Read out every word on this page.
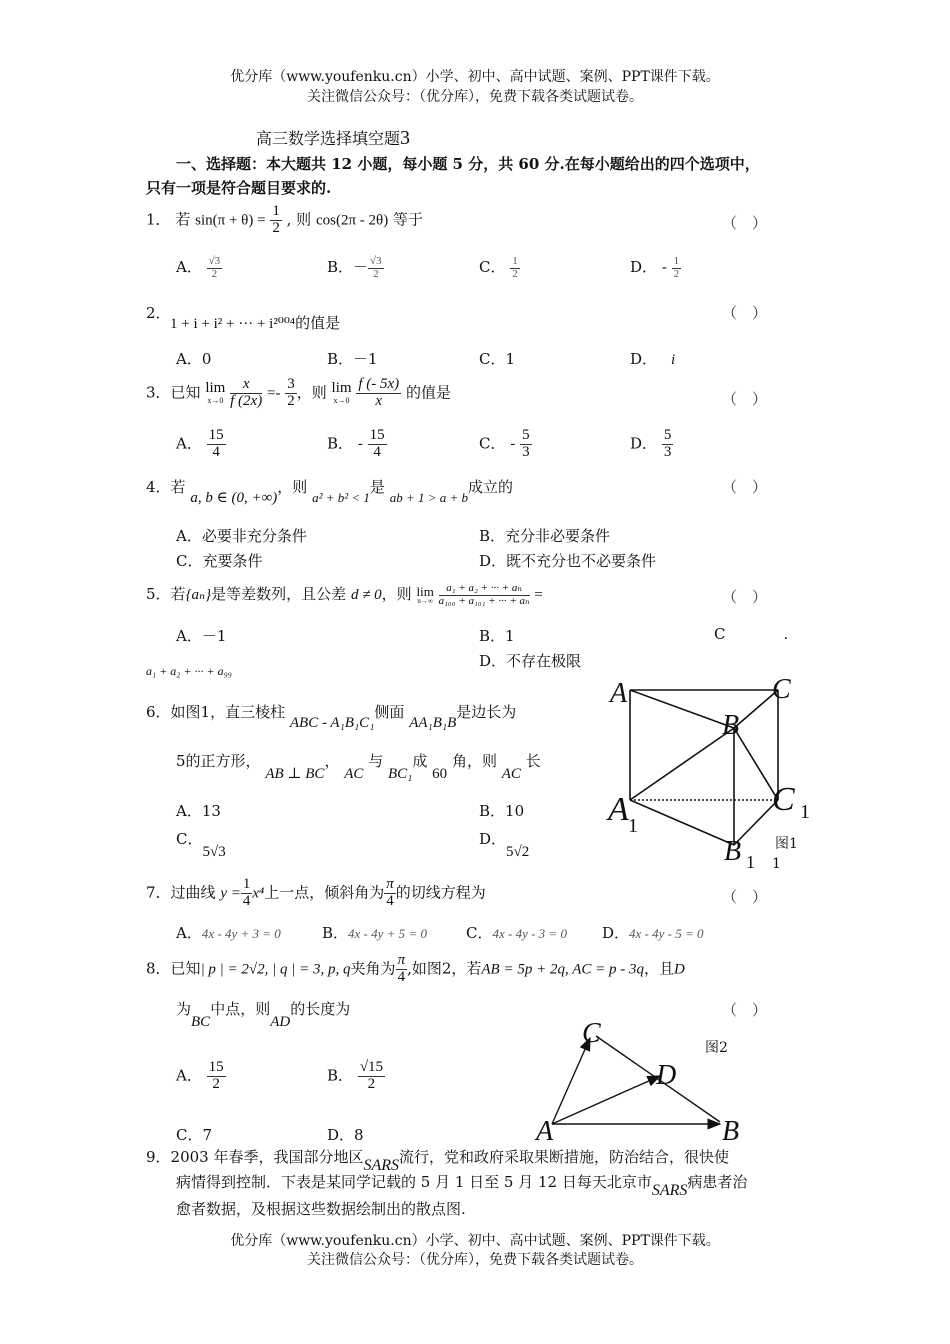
优分库（www.youfenku.cn）小学、初中、高中试题、案例、PPT课件下载。
关注微信公众号：（优分库），免费下载各类试题试卷。
高三数学选择填空题3
一、选择题：本大题共 12 小题，每小题 5 分，共 60 分.在每小题给出的四个选项中，
只有一项是符合题目要求的.
1． 若 $\sin(\pi + \theta) = \frac{1}{2}$ , 则 cos(2π - 2θ) 等于	（　）
A． $\frac{√3}{2}$	B．－ $\frac{√3}{2}$	C． $\frac{1}{2}$	D． - $\frac{1}{2}$
2．
1 + i + i² + ··· + i²⁰⁰⁴的值是
（　）
A．0	B．－1	C．1	D． i
3．已知 lim
x→0
$\frac{x}{f (2x)} =- \frac{3}{2}$ ，则 lim
x→0
$\frac{f (- 5x)}{x}$ 的值是	（　）
A． $\frac{15}{4}$	B． - $\frac{15}{4}$	C． - $\frac{5}{3}$	D． $\frac{5}{3}$
4．若 a, b ∈ (0, +∞)，则 a² + b² < 1是 ab + 1 > a + b成立的	（　）
A．必要非充分条件	B．充分非必要条件
C．充要条件	D．既不充分也不必要条件
5．若{aₙ}是等差数列，且公差 d ≠ 0，则 lim
n→∞
$\frac{\text{a₁ + a₂ + ··· + aₙ}}{\text{a₁₀₀ + a₁₀₁ + ··· + aₙ}}$ =	（　）
A．－1	B．1	C	.
D．不存在极限
a₁ + a₂ + ··· + a₉₉
6．如图1，直三棱柱 ABC - A₁B₁C₁侧面 AA₁B₁B是边长为
5的正方形， AB ⊥ BC， AC 与 BC₁成 60 角，则 AC 长
A．13	B．10
C．5√3
D．5√2
A	C
B
A 1
C 1
B 1
图1
1
7．过曲线 $y = \frac{1}{4} x^4$上一点，倾斜角为 $\frac{\pi}{4}$ 的切线方程为	（　）
A．4x - 4y + 3 = 0	B．4x - 4y + 5 = 0	C．4x - 4y - 3 = 0 D．4x - 4y - 5 = 0
8．已知| p | = 2√2, | q | = 3, p, q夹角为 $\frac{\pi}{4}$ ,如图2，若AB = 5p + 2q, AC = p - 3q，且D
为BC中点，则AD的长度为	（　）
A． $\frac{15}{2}$	B． $\frac{√15}{2}$
C．7	D．8
C
D
A	B
图2
9．2003 年春季，我国部分地区SARS流行，党和政府采取果断措施，防治结合，很快使
病情得到控制．下表是某同学记载的 5 月 1 日至 5 月 12 日每天北京市SARS病患者治
愈者数据，及根据这些数据绘制出的散点图.
优分库（www.youfenku.cn）小学、初中、高中试题、案例、PPT课件下载。
关注微信公众号：（优分库），免费下载各类试题试卷。
